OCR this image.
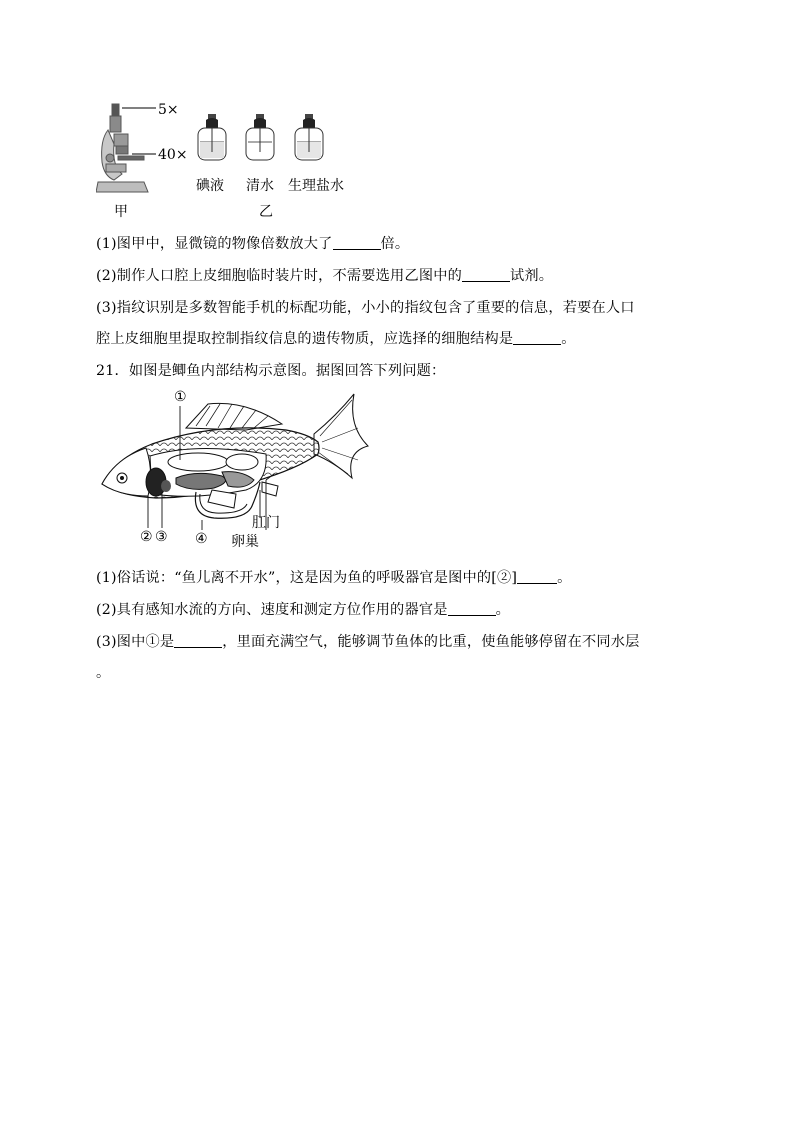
5×
40×
甲
碘液 清水 生理盐水
乙
(1)图甲中，显微镜的物像倍数放大了	倍。
(2)制作人口腔上皮细胞临时装片时，不需要选用乙图中的	试剂。
(3)指纹识别是多数智能手机的标配功能，小小的指纹包含了重要的信息，若要在人口
腔上皮细胞里提取控制指纹信息的遗传物质，应选择的细胞结构是	。
21．如图是鲫鱼内部结构示意图。据图回答下列问题：
①
② ③ ④
肛门
卵巢
(1)俗话说：“鱼儿离不开水”，这是因为鱼的呼吸器官是图中的[②]	。
(2)具有感知水流的方向、速度和测定方位作用的器官是	。
(3)图中①是	，里面充满空气，能够调节鱼体的比重，使鱼能够停留在不同水层
。
